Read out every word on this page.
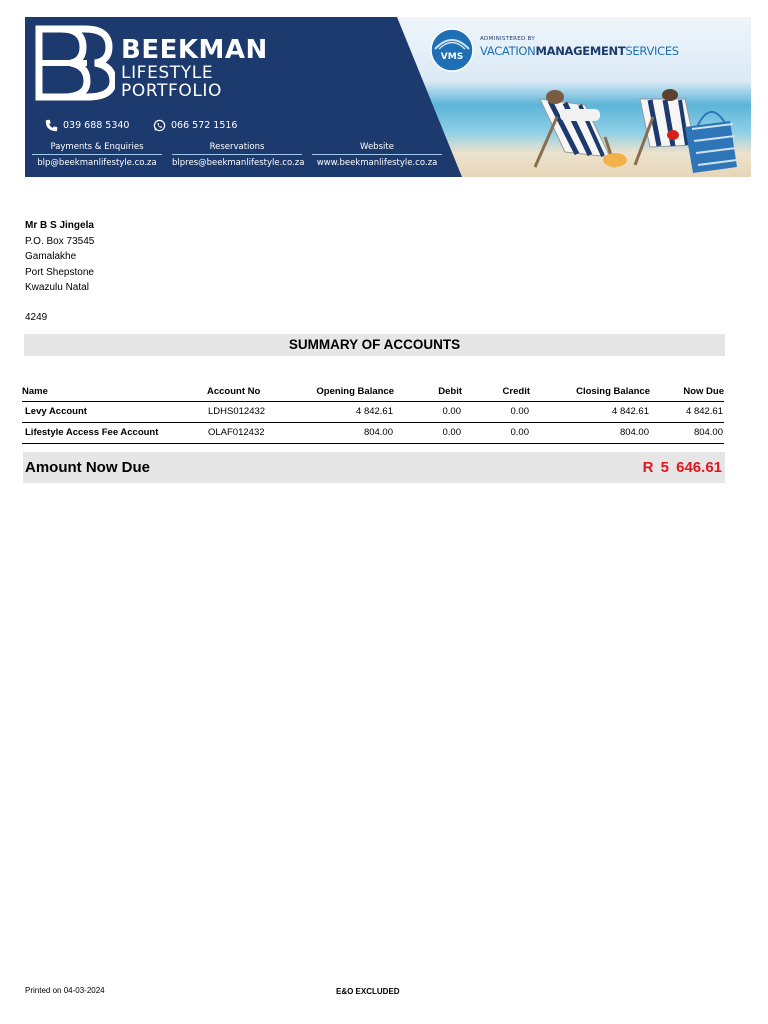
BEEKMAN
LIFESTYLE
PORTFOLIO
039 688 5340	066 572 1516
Payments & Enquiries
blp@beekmanlifestyle.co.za
Reservations
blpres@beekmanlifestyle.co.za
Website
www.beekmanlifestyle.co.za
VMS
ADMINISTERED BY
VACATIONMANAGEMENTSERVICES
Mr B S Jingela
P.O. Box 73545
Gamalakhe
Port Shepstone
Kwazulu Natal
4249
SUMMARY OF ACCOUNTS
Name	Account No	Opening Balance	Debit	Credit	Closing Balance	Now Due
Levy Account	LDHS012432	4 842.61	0.00	0.00	4 842.61	4 842.61
Lifestyle Access Fee Account	OLAF012432	804.00	0.00	0.00	804.00	804.00
Amount Now Due	R 5 646.61
Printed on 04-03-2024	E&O EXCLUDED
